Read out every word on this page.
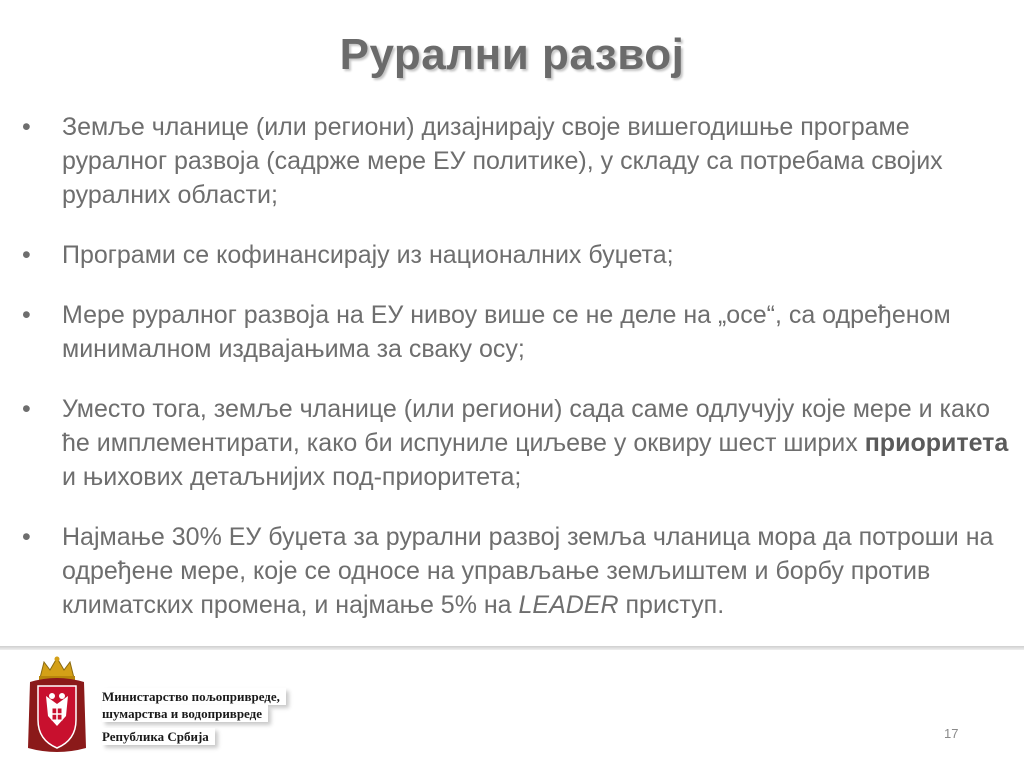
Рурални развој
•	Земље чланице (или региони) дизајнирају своје вишегодишње програме руралног развоја (садрже мере ЕУ политике), у складу са потребама својих руралних области;
•	Програми се кофинансирају из националних буџета;
•	Мере руралног развоја на ЕУ нивоу више се не деле на „осе“, са одређеном минималном издвајањима за сваку осу;
•	Уместо тога, земље чланице (или региони) сада саме одлучују које мере и како ће имплементирати, како би испуниле циљеве у оквиру шест ширих приоритета и њихових детаљнијих под-приоритета;
•	Најмање 30% ЕУ буџета за рурални развој земља чланица мора да потроши на одређене мере, које се односе на управљање земљиштем и борбу против климатских промена, и најмање 5% на LEADER приступ.
Министарство пољопривреде,
шумарства и водопривреде
Република Србија	17
